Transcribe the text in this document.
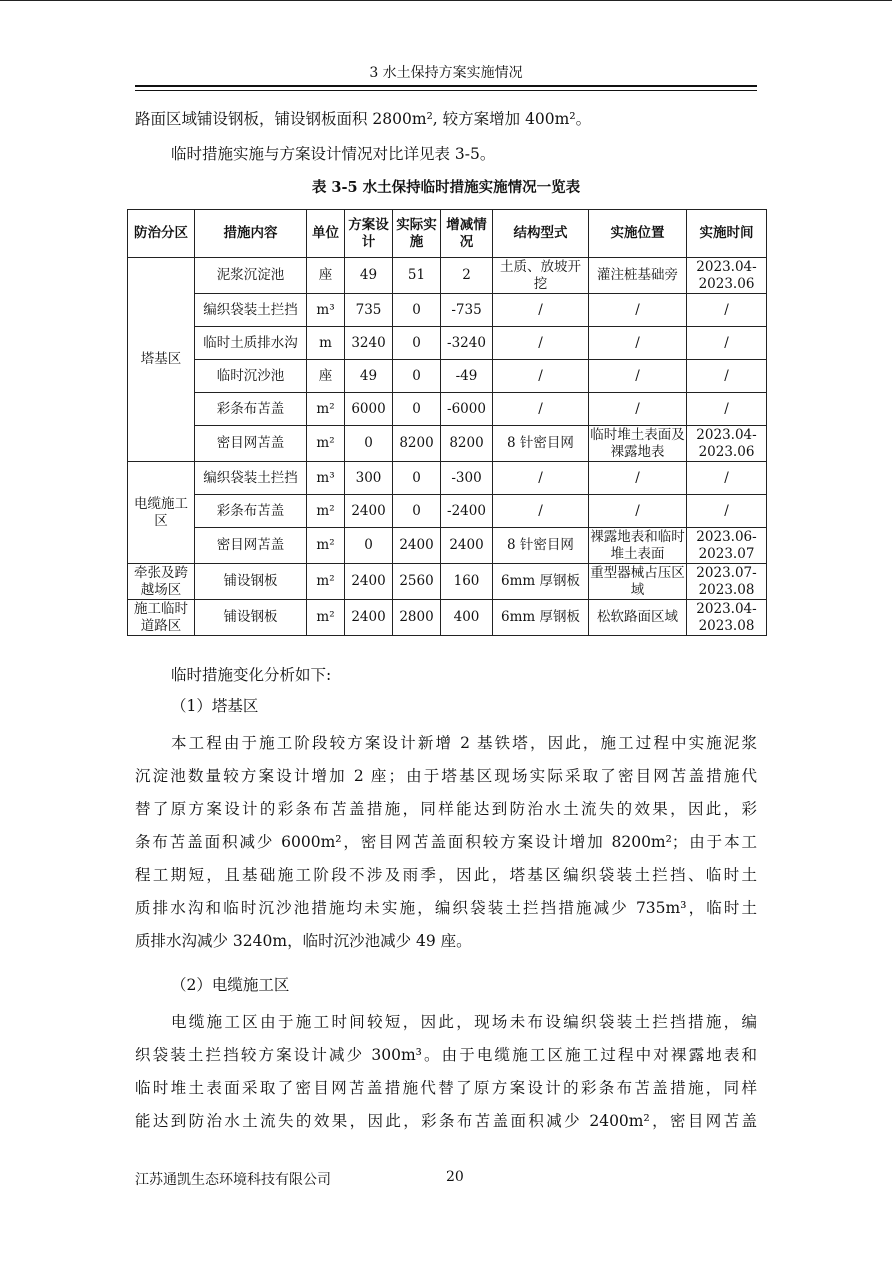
3 水土保持方案实施情况

路面区域铺设钢板，铺设钢板面积 2800m², 较方案增加 400m²。

临时措施实施与方案设计情况对比详见表 3-5。

表 3-5 水土保持临时措施实施情况一览表
防治分区	措施内容	单位	方案设计	实际实施	增减情况	结构型式	实施位置	实施时间
塔基区	泥浆沉淀池	座	49	51	2	土质、放坡开挖	灌注桩基础旁	2023.04-2023.06
	编织袋装土拦挡	m³	735	0	-735	/	/	/
	临时土质排水沟	m	3240	0	-3240	/	/	/
	临时沉沙池	座	49	0	-49	/	/	/
	彩条布苫盖	m²	6000	0	-6000	/	/	/
	密目网苫盖	m²	0	8200	8200	8 针密目网	临时堆土表面及裸露地表	2023.04-2023.06
电缆施工区	编织袋装土拦挡	m³	300	0	-300	/	/	/
	彩条布苫盖	m²	2400	0	-2400	/	/	/
	密目网苫盖	m²	0	2400	2400	8 针密目网	裸露地表和临时堆土表面	2023.06-2023.07
牵张及跨越场区	铺设钢板	m²	2400	2560	160	6mm 厚钢板	重型器械占压区域	2023.07-2023.08
施工临时道路区	铺设钢板	m²	2400	2800	400	6mm 厚钢板	松软路面区域	2023.04-2023.08

临时措施变化分析如下:

（1）塔基区

本工程由于施工阶段较方案设计新增 2 基铁塔，因此，施工过程中实施泥浆
沉淀池数量较方案设计增加 2 座；由于塔基区现场实际采取了密目网苫盖措施代
替了原方案设计的彩条布苫盖措施，同样能达到防治水土流失的效果，因此，彩
条布苫盖面积减少 6000m²，密目网苫盖面积较方案设计增加 8200m²；由于本工
程工期短，且基础施工阶段不涉及雨季，因此，塔基区编织袋装土拦挡、临时土
质排水沟和临时沉沙池措施均未实施，编织袋装土拦挡措施减少 735m³，临时土
质排水沟减少 3240m，临时沉沙池减少 49 座。

（2）电缆施工区

电缆施工区由于施工时间较短，因此，现场未布设编织袋装土拦挡措施，编
织袋装土拦挡较方案设计减少 300m³。由于电缆施工区施工过程中对裸露地表和
临时堆土表面采取了密目网苫盖措施代替了原方案设计的彩条布苫盖措施，同样
能达到防治水土流失的效果，因此，彩条布苫盖面积减少 2400m²，密目网苫盖
江苏通凯生态环境科技有限公司	20
